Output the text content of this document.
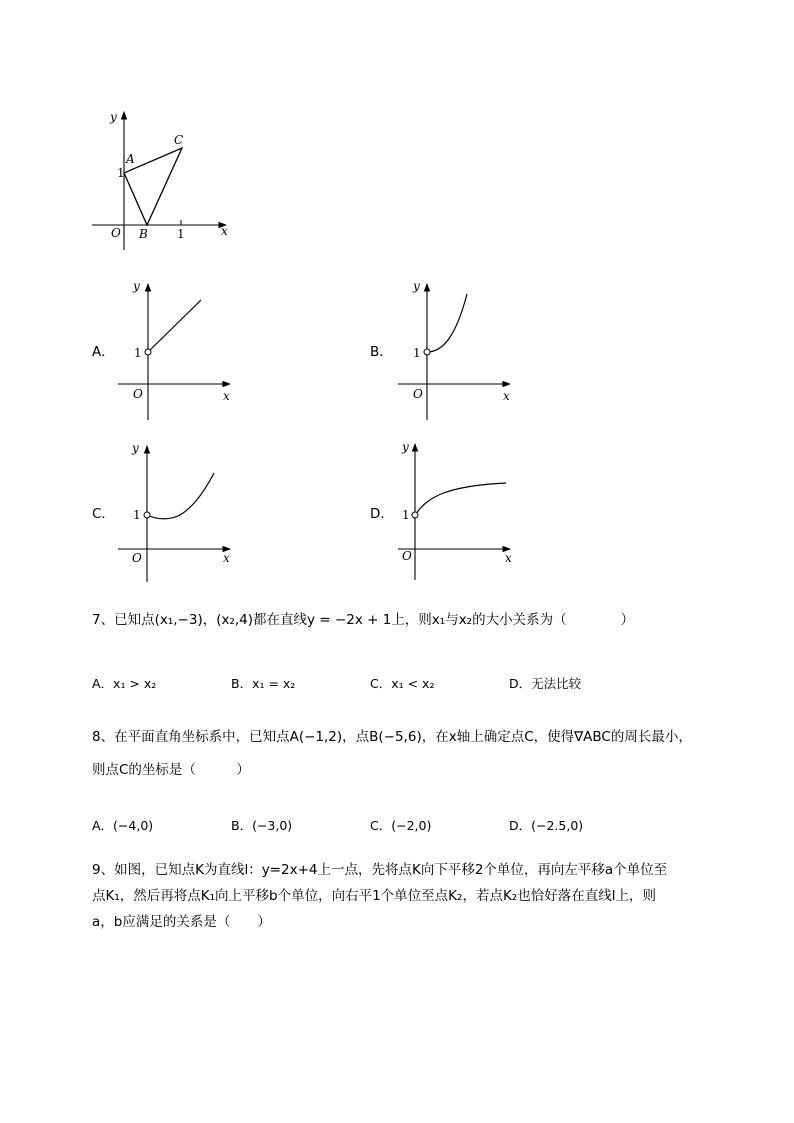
y
x
O
A
B
C
1
1
A．
y
x
O
1	B．
y
x
O
1
C．
y
x
O
1	D．
y
x
O
1
7、已知点(x₁,−3)，(x₂,4)都在直线y = −2x + 1上，则x₁与x₂的大小关系为（　　　　）
A．x₁ > x₂	B．x₁ = x₂	C．x₁ < x₂	D．无法比较
8、在平面直角坐标系中，已知点A(−1,2)，点B(−5,6)，在x轴上确定点C，使得∇ABC的周长最小，
则点C的坐标是（　　　）
A．(−4,0)	B．(−3,0)	C．(−2,0)	D．(−2.5,0)
9、如图，已知点K为直线l：y=2x+4上一点，先将点K向下平移2个单位，再向左平移a个单位至
点K₁，然后再将点K₁向上平移b个单位，向右平1个单位至点K₂，若点K₂也恰好落在直线l上，则
a，b应满足的关系是（　　）
